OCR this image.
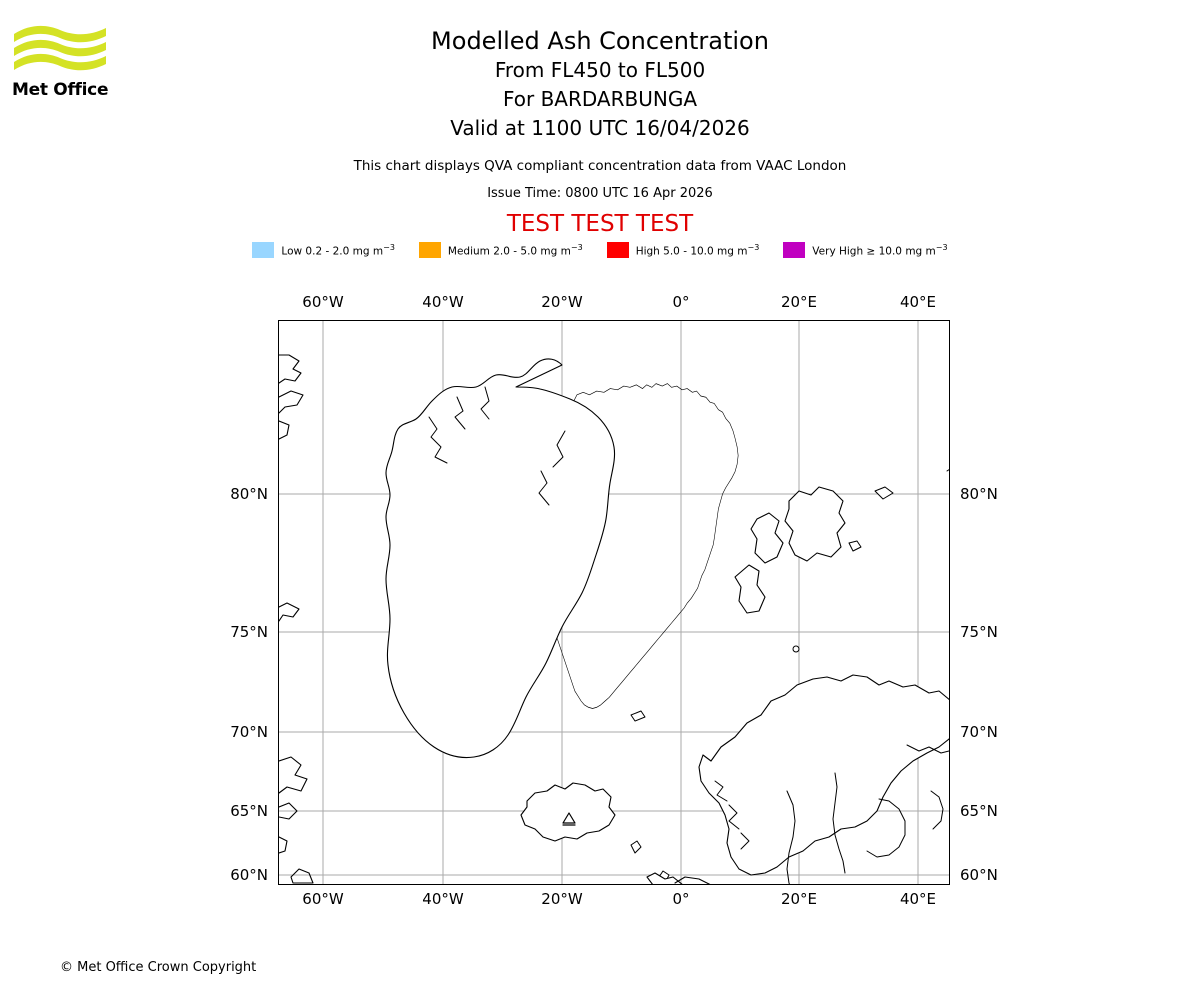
Met Office
Modelled Ash Concentration
From FL450 to FL500
For BARDARBUNGA
Valid at 1100 UTC 16/04/2026
This chart displays QVA compliant concentration data from VAAC London
Issue Time: 0800 UTC 16 Apr 2026
TEST TEST TEST
Low 0.2 - 2.0 mg $m^{-3}$	Medium 2.0 - 5.0 mg $m^{-3}$	High 5.0 - 10.0 mg $m^{-3}$	Very High ≥ 10.0 mg $m^{-3}$
60°W	40°W	20°W	0°	20°E	40°E
60°W	40°W	20°W	0°	20°E	40°E
80°N
75°N
70°N
65°N
60°N
80°N
75°N
70°N
65°N
60°N
© Met Office Crown Copyright
